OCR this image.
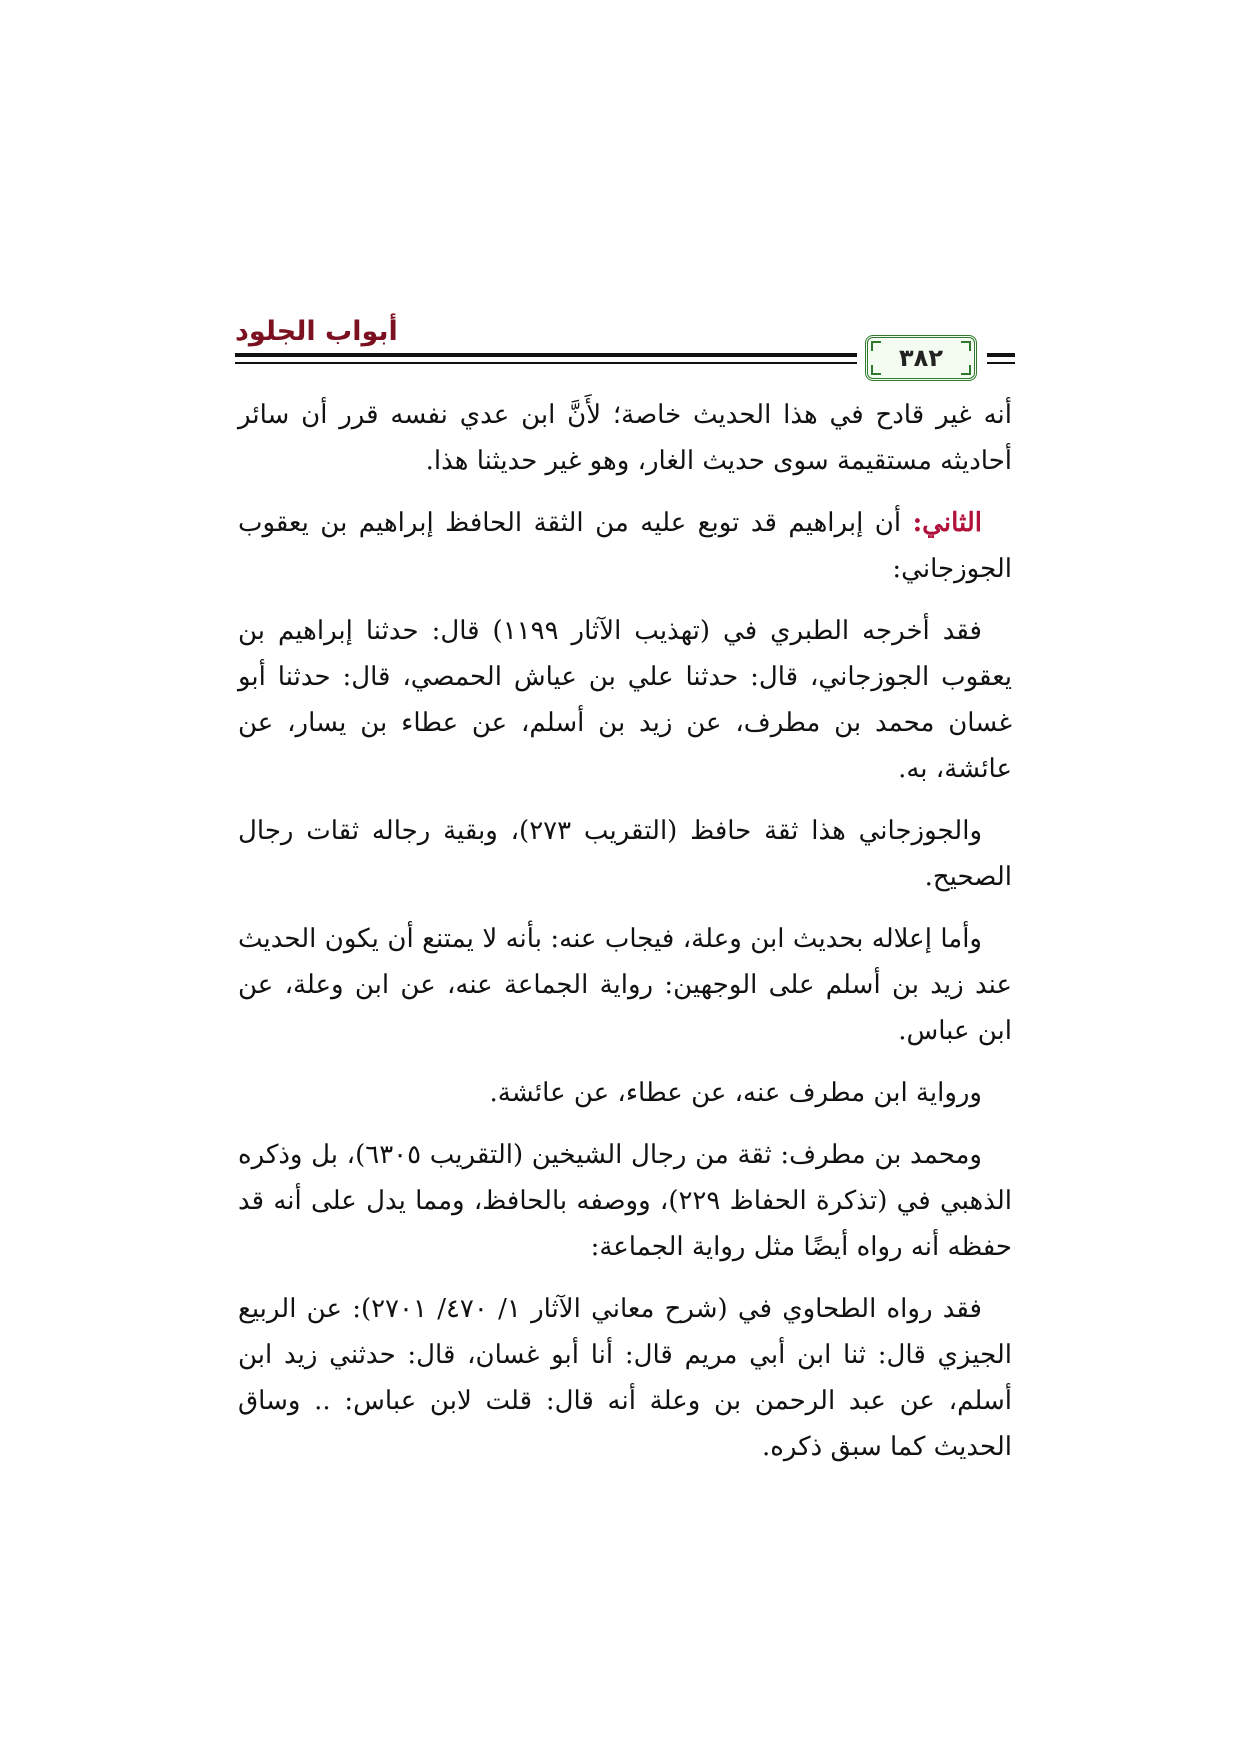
أبواب الجلود
٣٨٢

أنه غير قادح في هذا الحديث خاصة؛ لأَنَّ ابن عدي نفسه قرر أن سائر أحاديثه مستقيمة سوى حديث الغار، وهو غير حديثنا هذا.

الثاني: أن إبراهيم قد توبع عليه من الثقة الحافظ إبراهيم بن يعقوب الجوزجاني:

فقد أخرجه الطبري في (تهذيب الآثار ١١٩٩) قال: حدثنا إبراهيم بن يعقوب الجوزجاني، قال: حدثنا علي بن عياش الحمصي، قال: حدثنا أبو غسان محمد بن مطرف، عن زيد بن أسلم، عن عطاء بن يسار، عن عائشة، به.

والجوزجاني هذا ثقة حافظ (التقريب ٢٧٣)، وبقية رجاله ثقات رجال الصحيح.

وأما إعلاله بحديث ابن وعلة، فيجاب عنه: بأنه لا يمتنع أن يكون الحديث عند زيد بن أسلم على الوجهين: رواية الجماعة عنه، عن ابن وعلة، عن ابن عباس.

ورواية ابن مطرف عنه، عن عطاء، عن عائشة.

ومحمد بن مطرف: ثقة من رجال الشيخين (التقريب ٦٣٠٥)، بل وذكره الذهبي في (تذكرة الحفاظ ٢٢٩)، ووصفه بالحافظ، ومما يدل على أنه قد حفظه أنه رواه أيضًا مثل رواية الجماعة:

فقد رواه الطحاوي في (شرح معاني الآثار ١/ ٤٧٠/ ٢٧٠١): عن الربيع الجيزي قال: ثنا ابن أبي مريم قال: أنا أبو غسان، قال: حدثني زيد ابن أسلم، عن عبد الرحمن بن وعلة أنه قال: قلت لابن عباس: .. وساق الحديث كما سبق ذكره.
